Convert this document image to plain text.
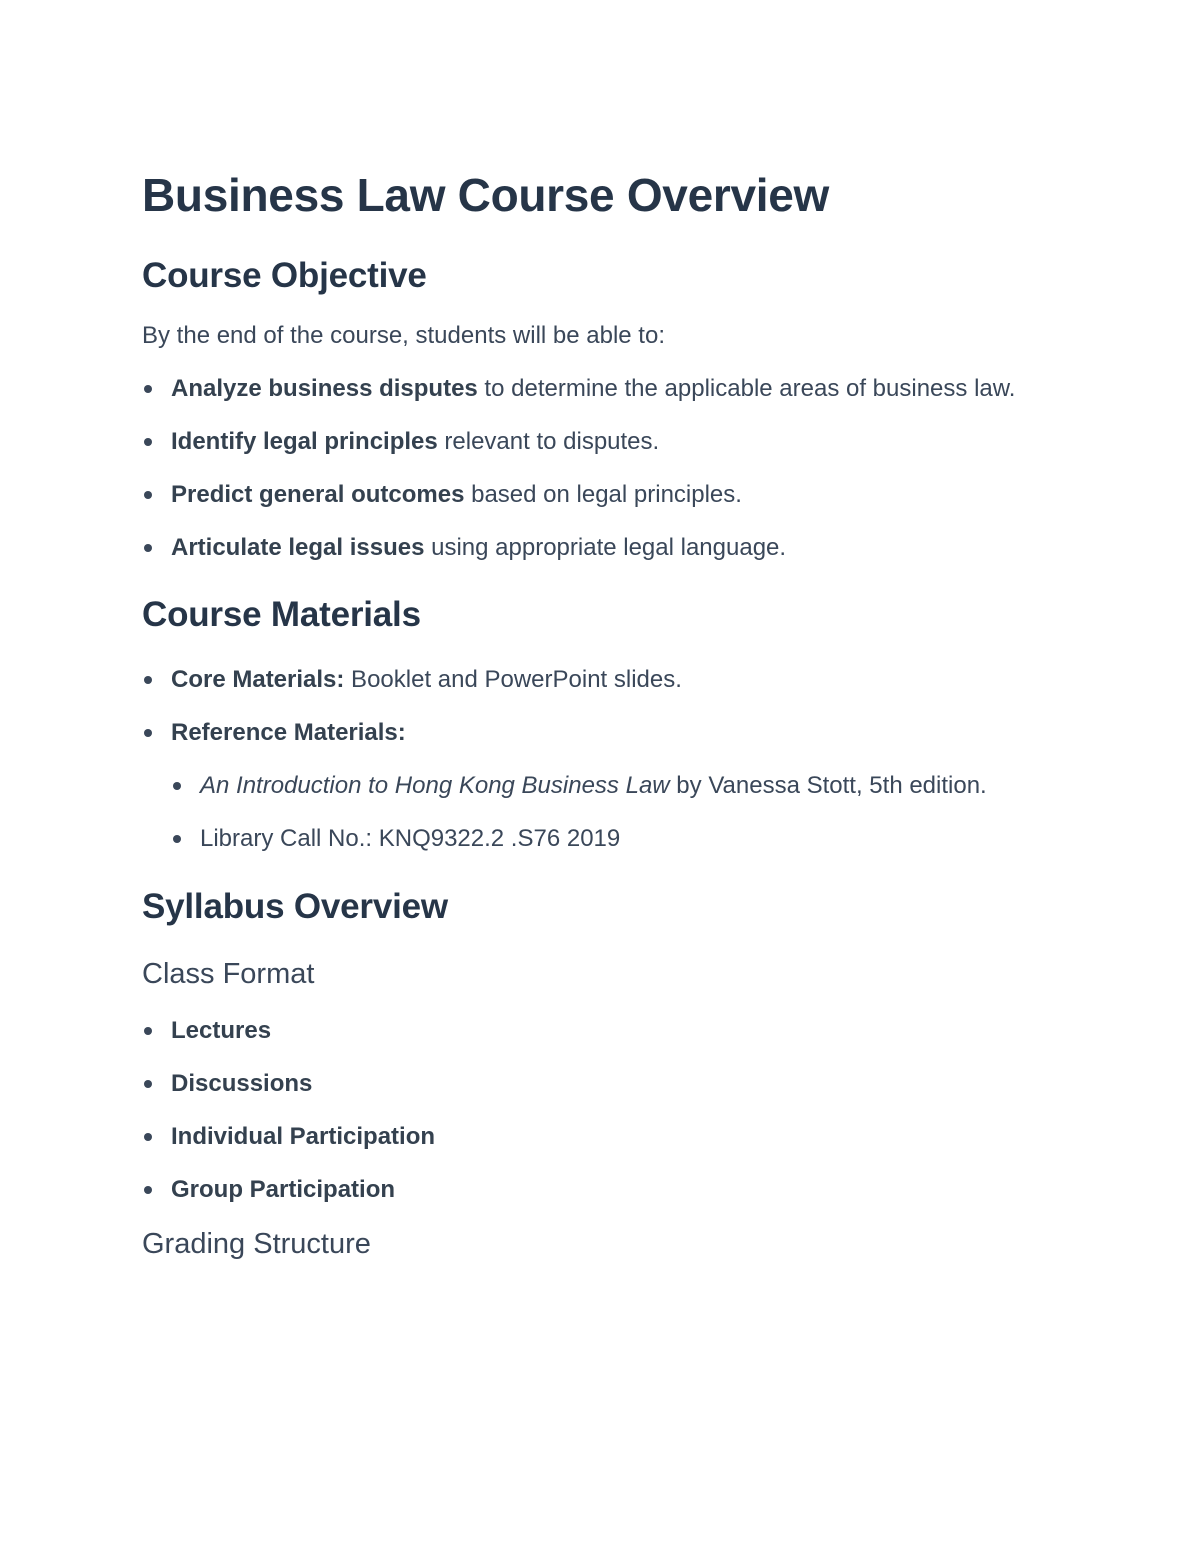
Business Law Course Overview
Course Objective

By the end of the course, students will be able to:

Analyze business disputes to determine the applicable areas of business law.
Identify legal principles relevant to disputes.
Predict general outcomes based on legal principles.
Articulate legal issues using appropriate legal language.
Course Materials
Core Materials: Booklet and PowerPoint slides.
Reference Materials:
An Introduction to Hong Kong Business Law by Vanessa Stott, 5th edition.
Library Call No.: KNQ9322.2 .S76 2019
Syllabus Overview
Class Format
Lectures
Discussions
Individual Participation
Group Participation
Grading Structure
